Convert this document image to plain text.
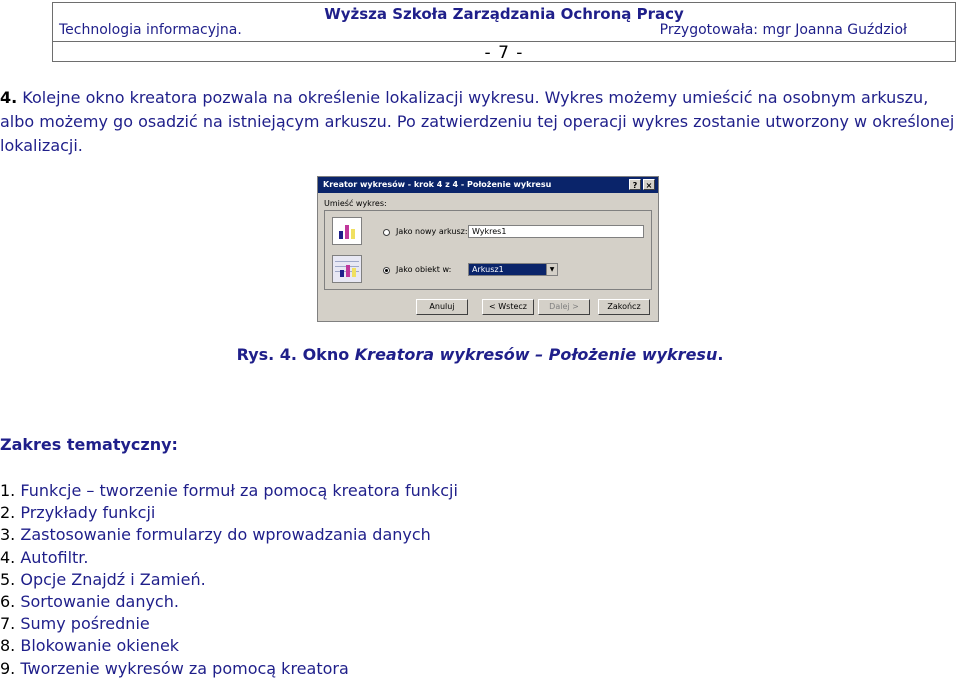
Wyższa Szkoła Zarządzania Ochroną Pracy
Technologia informacyjna.	Przygotowała: mgr Joanna Guździoł
- 7 -

4. Kolejne okno kreatora pozwala na określenie lokalizacji wykresu. Wykres możemy umieścić na osobnym arkuszu, albo możemy go osadzić na istniejącym arkuszu. Po zatwierdzeniu tej operacji wykres zostanie utworzony w określonej lokalizacji.

Kreator wykresów - krok 4 z 4 - Położenie wykresu	?	×
Umieść wykres:
Jako nowy arkusz: Wykres1
Jako obiekt w:	Arkusz1	▼
Anuluj	< Wstecz	Dalej >	Zakończ
Rys. 4. Okno Kreatora wykresów – Położenie wykresu.
Zakres tematyczny:
1. Funkcje – tworzenie formuł za pomocą kreatora funkcji
2. Przykłady funkcji
3. Zastosowanie formularzy do wprowadzania danych
4. Autofiltr.
5. Opcje Znajdź i Zamień.
6. Sortowanie danych.
7. Sumy pośrednie
8. Blokowanie okienek
9. Tworzenie wykresów za pomocą kreatora
